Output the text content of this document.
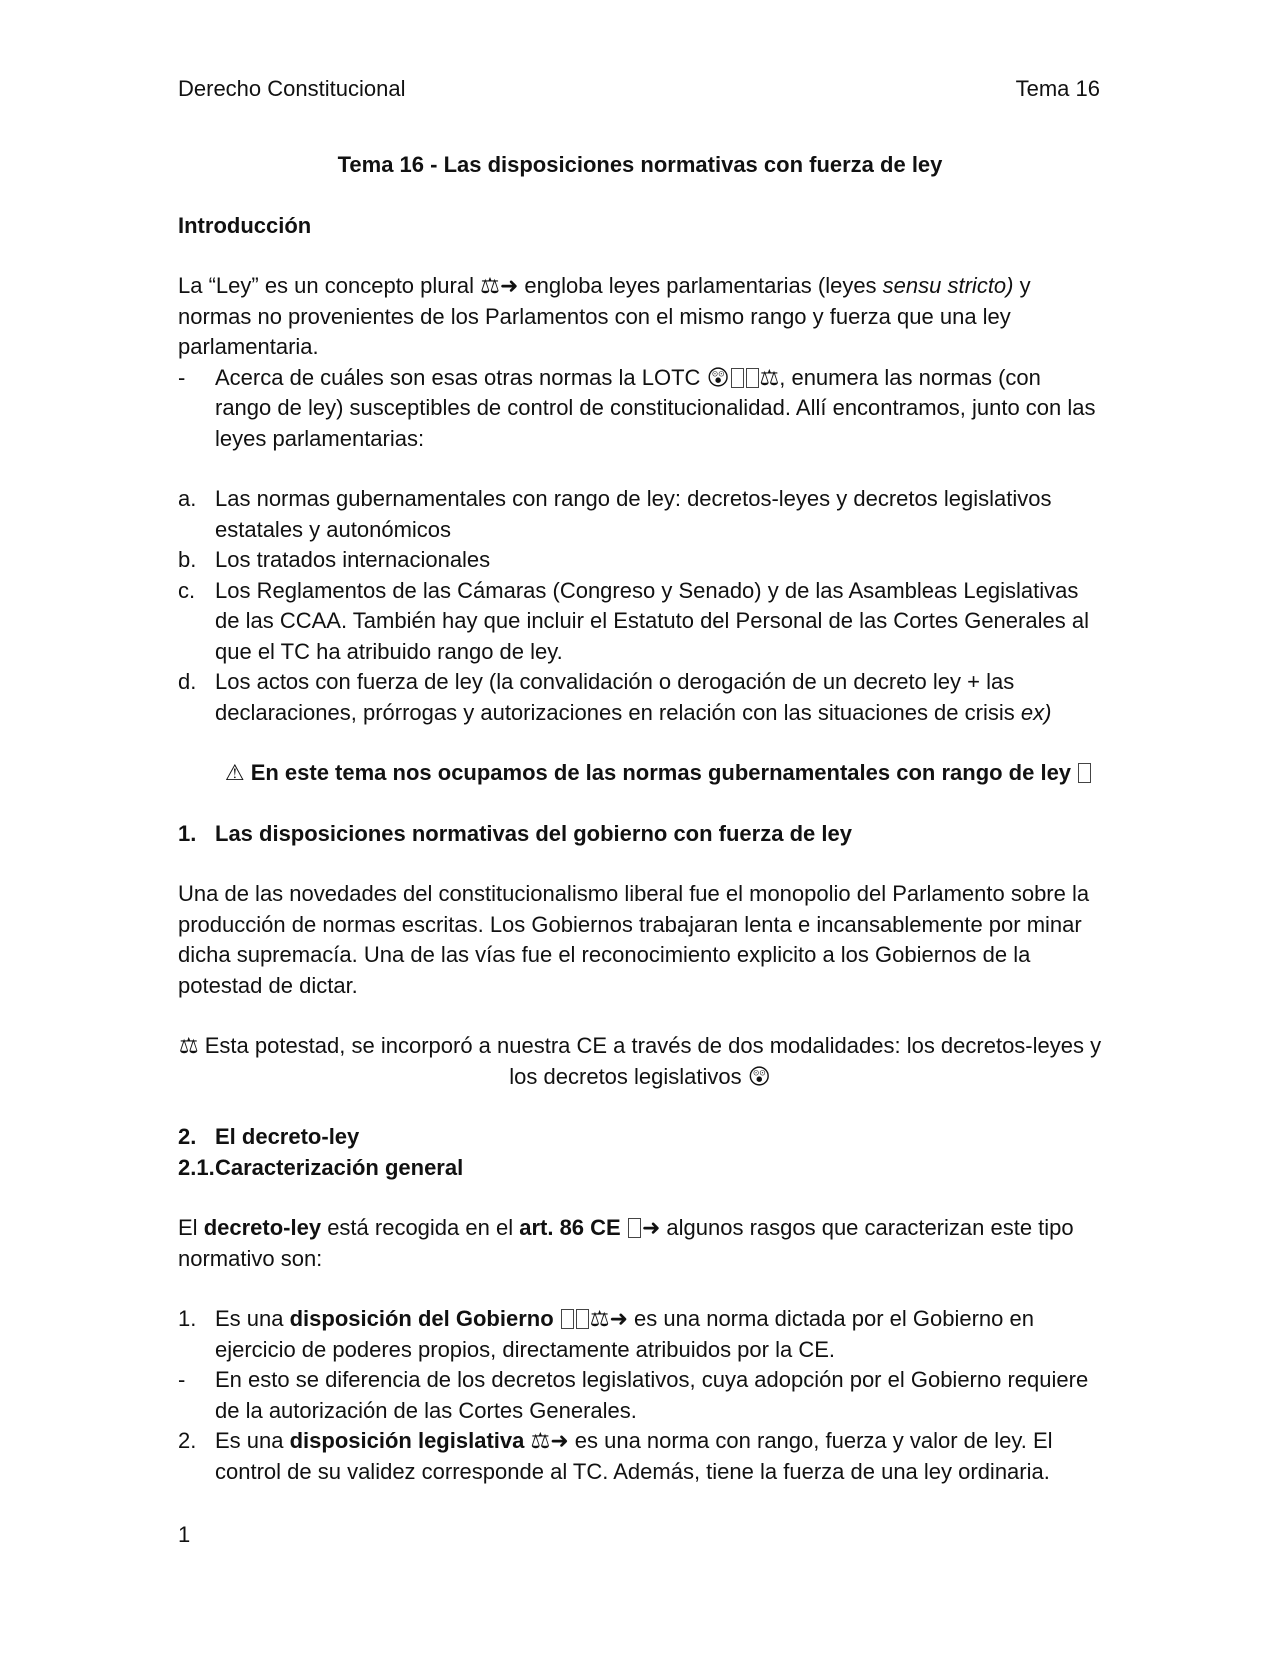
Derecho Constitucional	Tema 16
Tema 16 - Las disposiciones normativas con fuerza de ley
Introducción

La “Ley” es un concepto plural ⚖➜ engloba leyes parlamentarias (leyes sensu stricto) y normas no provenientes de los Parlamentos con el mismo rango y fuerza que una ley parlamentaria.

- Acerca de cuáles son esas otras normas la LOTC 😲 ⚖, enumera las normas (con rango de ley) susceptibles de control de constitucionalidad. Allí encontramos, junto con las leyes parlamentarias:
a. Las normas gubernamentales con rango de ley: decretos-leyes y decretos legislativos estatales y autonómicos
b. Los tratados internacionales
c. Los Reglamentos de las Cámaras (Congreso y Senado) y de las Asambleas Legislativas de las CCAA. También hay que incluir el Estatuto del Personal de las Cortes Generales al que el TC ha atribuido rango de ley.
d. Los actos con fuerza de ley (la convalidación o derogación de un decreto ley + las declaraciones, prórrogas y autorizaciones en relación con las situaciones de crisis ex)
⚠ En este tema nos ocupamos de las normas gubernamentales con rango de ley
1. Las disposiciones normativas del gobierno con fuerza de ley

Una de las novedades del constitucionalismo liberal fue el monopolio del Parlamento sobre la producción de normas escritas. Los Gobiernos trabajaran lenta e incansablemente por minar dicha supremacía. Una de las vías fue el reconocimiento explicito a los Gobiernos de la potestad de dictar.

⚖ Esta potestad, se incorporó a nuestra CE a través de dos modalidades: los decretos-leyes y los decretos legislativos 😲

2. El decreto-ley
2.1. Caracterización general

El decreto-ley está recogida en el art. 86 CE ➜ algunos rasgos que caracterizan este tipo normativo son:

1. Es una disposición del Gobierno ⚖➜ es una norma dictada por el Gobierno en ejercicio de poderes propios, directamente atribuidos por la CE.
- En esto se diferencia de los decretos legislativos, cuya adopción por el Gobierno requiere de la autorización de las Cortes Generales.
2. Es una disposición legislativa ⚖➜ es una norma con rango, fuerza y valor de ley. El control de su validez corresponde al TC. Además, tiene la fuerza de una ley ordinaria.
1
